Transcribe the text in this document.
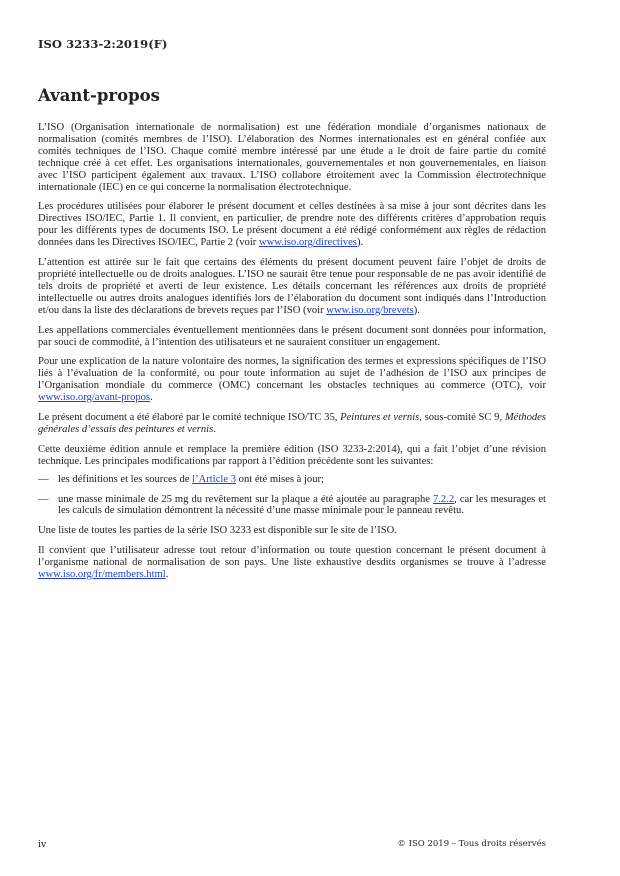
ISO 3233-2:2019(F)
Avant-propos

L’ISO (Organisation internationale de normalisation) est une fédération mondiale d’organismes nationaux de normalisation (comités membres de l’ISO). L’élaboration des Normes internationales est en général confiée aux comités techniques de l’ISO. Chaque comité membre intéressé par une étude a le droit de faire partie du comité technique créé à cet effet. Les organisations internationales, gouvernementales et non gouvernementales, en liaison avec l’ISO participent également aux travaux. L’ISO collabore étroitement avec la Commission électrotechnique internationale (IEC) en ce qui concerne la normalisation électrotechnique.

Les procédures utilisées pour élaborer le présent document et celles destinées à sa mise à jour sont décrites dans les Directives ISO/IEC, Partie 1. Il convient, en particulier, de prendre note des différents critères d’approbation requis pour les différents types de documents ISO. Le présent document a été rédigé conformément aux règles de rédaction données dans les Directives ISO/IEC, Partie 2 (voir www.iso.org/directives).

L’attention est attirée sur le fait que certains des éléments du présent document peuvent faire l’objet de droits de propriété intellectuelle ou de droits analogues. L’ISO ne saurait être tenue pour responsable de ne pas avoir identifié de tels droits de propriété et averti de leur existence. Les détails concernant les références aux droits de propriété intellectuelle ou autres droits analogues identifiés lors de l’élaboration du document sont indiqués dans l’Introduction et/ou dans la liste des déclarations de brevets reçues par l’ISO (voir www.iso.org/brevets).

Les appellations commerciales éventuellement mentionnées dans le présent document sont données pour information, par souci de commodité, à l’intention des utilisateurs et ne sauraient constituer un engagement.

Pour une explication de la nature volontaire des normes, la signification des termes et expressions spécifiques de l’ISO liés à l’évaluation de la conformité, ou pour toute information au sujet de l’adhésion de l’ISO aux principes de l’Organisation mondiale du commerce (OMC) concernant les obstacles techniques au commerce (OTC), voir www.iso.org/avant-propos.

Le présent document a été élaboré par le comité technique ISO/TC 35, Peintures et vernis, sous-comité SC 9, Méthodes générales d’essais des peintures et vernis.

Cette deuxième édition annule et remplace la première édition (ISO 3233-2:2014), qui a fait l’objet d’une révision technique. Les principales modifications par rapport à l’édition précédente sont les suivantes:

— les définitions et les sources de l’Article 3 ont été mises à jour;
— une masse minimale de 25 mg du revêtement sur la plaque a été ajoutée au paragraphe 7.2.2, car les mesurages et les calculs de simulation démontrent la nécessité d’une masse minimale pour le panneau revêtu.

Une liste de toutes les parties de la série ISO 3233 est disponible sur le site de l’ISO.

Il convient que l’utilisateur adresse tout retour d’information ou toute question concernant le présent document à l’organisme national de normalisation de son pays. Une liste exhaustive desdits organismes se trouve à l’adresse www.iso.org/fr/members.html.

iv	© ISO 2019 – Tous droits réservés
